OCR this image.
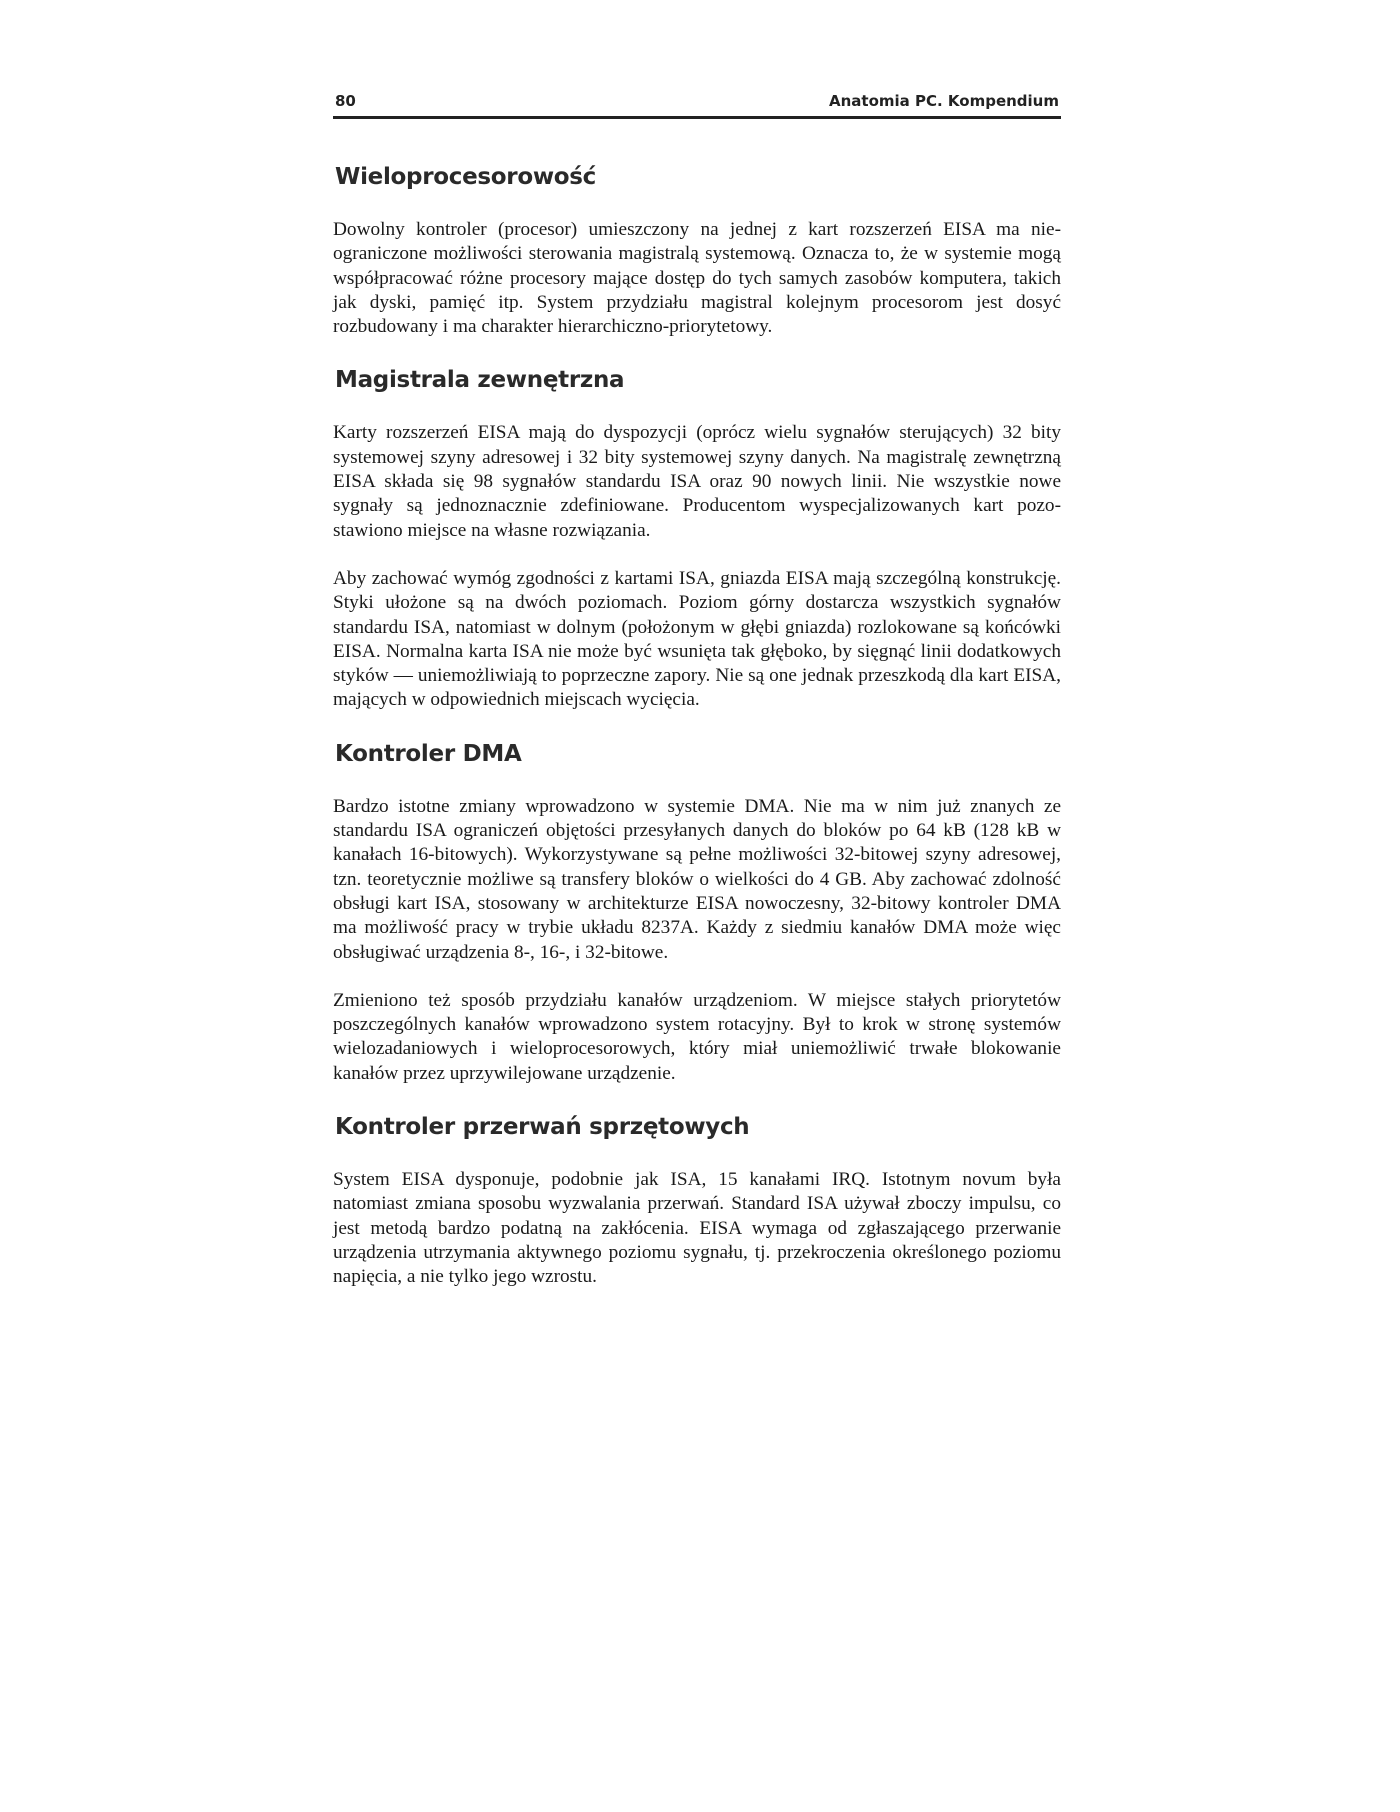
80	Anatomia PC. Kompendium
Wieloprocesorowość

Dowolny kontroler (procesor) umieszczony na jednej z kart rozszerzeń EISA ma nieograniczone możliwości sterowania magistralą systemową. Oznacza to, że w systemie mogą współpracować różne procesory mające dostęp do tych samych zasobów komputera, takich jak dyski, pamięć itp. System przydziału magistral kolejnym procesorom jest dosyć rozbudowany i ma charakter hierarchiczno-priorytetowy.

Magistrala zewnętrzna

Karty rozszerzeń EISA mają do dyspozycji (oprócz wielu sygnałów sterujących) 32 bity systemowej szyny adresowej i 32 bity systemowej szyny danych. Na magistralę zewnętrzną EISA składa się 98 sygnałów standardu ISA oraz 90 nowych linii. Nie wszystkie nowe sygnały są jednoznacznie zdefiniowane. Producentom wyspecjalizowanych kart pozostawiono miejsce na własne rozwiązania.

Aby zachować wymóg zgodności z kartami ISA, gniazda EISA mają szczególną konstrukcję. Styki ułożone są na dwóch poziomach. Poziom górny dostarcza wszystkich sygnałów standardu ISA, natomiast w dolnym (położonym w głębi gniazda) rozlokowane są końcówki EISA. Normalna karta ISA nie może być wsunięta tak głęboko, by sięgnąć linii dodatkowych styków — uniemożliwiają to poprzeczne zapory. Nie są one jednak przeszkodą dla kart EISA, mających w odpowiednich miejscach wycięcia.

Kontroler DMA

Bardzo istotne zmiany wprowadzono w systemie DMA. Nie ma w nim już znanych ze standardu ISA ograniczeń objętości przesyłanych danych do bloków po 64 kB (128 kB w kanałach 16-bitowych). Wykorzystywane są pełne możliwości 32-bitowej szyny adresowej, tzn. teoretycznie możliwe są transfery bloków o wielkości do 4 GB. Aby zachować zdolność obsługi kart ISA, stosowany w architekturze EISA nowoczesny, 32-bitowy kontroler DMA ma możliwość pracy w trybie układu 8237A. Każdy z siedmiu kanałów DMA może więc obsługiwać urządzenia 8-, 16-, i 32-bitowe.

Zmieniono też sposób przydziału kanałów urządzeniom. W miejsce stałych priorytetów poszczególnych kanałów wprowadzono system rotacyjny. Był to krok w stronę systemów wielozadaniowych i wieloprocesorowych, który miał uniemożliwić trwałe blokowanie kanałów przez uprzywilejowane urządzenie.

Kontroler przerwań sprzętowych

System EISA dysponuje, podobnie jak ISA, 15 kanałami IRQ. Istotnym novum była natomiast zmiana sposobu wyzwalania przerwań. Standard ISA używał zboczy impulsu, co jest metodą bardzo podatną na zakłócenia. EISA wymaga od zgłaszającego przerwanie urządzenia utrzymania aktywnego poziomu sygnału, tj. przekroczenia określonego poziomu napięcia, a nie tylko jego wzrostu.
